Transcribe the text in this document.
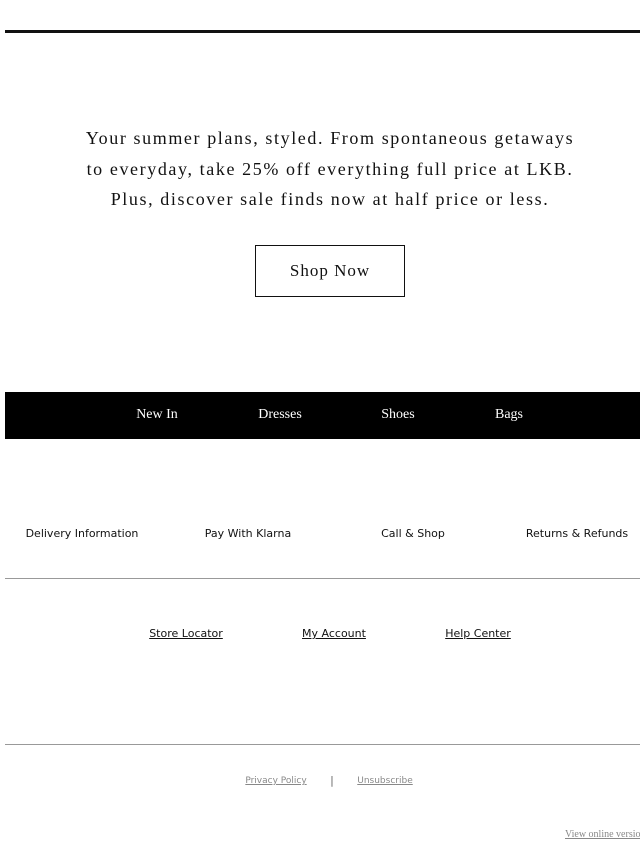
Your summer plans, styled. From spontaneous getaways
to everyday, take 25% off everything full price at LKB.
Plus, discover sale finds now at half price or less.
Shop Now
New In	Dresses	Shoes	Bags
Delivery Information	Pay With Klarna	Call & Shop	Returns & Refunds
Store Locator	My Account	Help Center
Privacy Policy	|	Unsubscribe
View online versio
